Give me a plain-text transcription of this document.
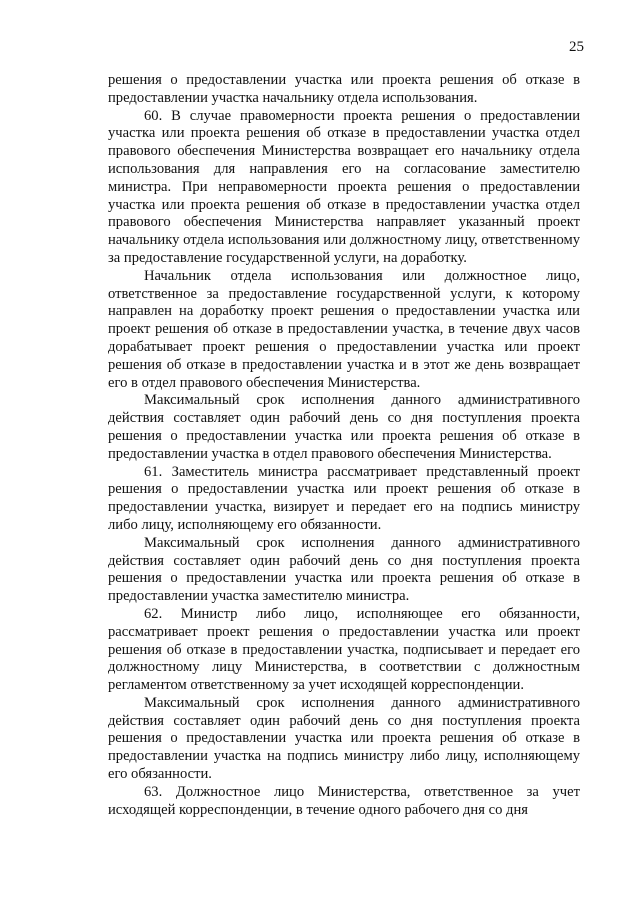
25

решения о предоставлении участка или проекта решения об отказе в предоставлении участка начальнику отдела использования.

60. В случае правомерности проекта решения о предоставлении участка или проекта решения об отказе в предоставлении участка отдел правового обеспечения Министерства возвращает его начальнику отдела использования для направления его на согласование заместителю министра. При неправомерности проекта решения о предоставлении участка или проекта решения об отказе в предоставлении участка отдел правового обеспечения Министерства направляет указанный проект начальнику отдела использования или должностному лицу, ответственному за предоставление государственной услуги, на доработку.

Начальник отдела использования или должностное лицо, ответственное за предоставление государственной услуги, к которому направлен на доработку проект решения о предоставлении участка или проект решения об отказе в предоставлении участка, в течение двух часов дорабатывает проект решения о предоставлении участка или проект решения об отказе в предоставлении участка и в этот же день возвращает его в отдел правового обеспечения Министерства.

Максимальный срок исполнения данного административного действия составляет один рабочий день со дня поступления проекта решения о предоставлении участка или проекта решения об отказе в предоставлении участка в отдел правового обеспечения Министерства.

61. Заместитель министра рассматривает представленный проект решения о предоставлении участка или проект решения об отказе в предоставлении участка, визирует и передает его на подпись министру либо лицу, исполняющему его обязанности.

Максимальный срок исполнения данного административного действия составляет один рабочий день со дня поступления проекта решения о предоставлении участка или проекта решения об отказе в предоставлении участка заместителю министра.

62. Министр либо лицо, исполняющее его обязанности, рассматривает проект решения о предоставлении участка или проект решения об отказе в предоставлении участка, подписывает и передает его должностному лицу Министерства, в соответствии с должностным регламентом ответственному за учет исходящей корреспонденции.

Максимальный срок исполнения данного административного действия составляет один рабочий день со дня поступления проекта решения о предоставлении участка или проекта решения об отказе в предоставлении участка на подпись министру либо лицу, исполняющему его обязанности.

63. Должностное лицо Министерства, ответственное за учет исходящей корреспонденции, в течение одного рабочего дня со дня
